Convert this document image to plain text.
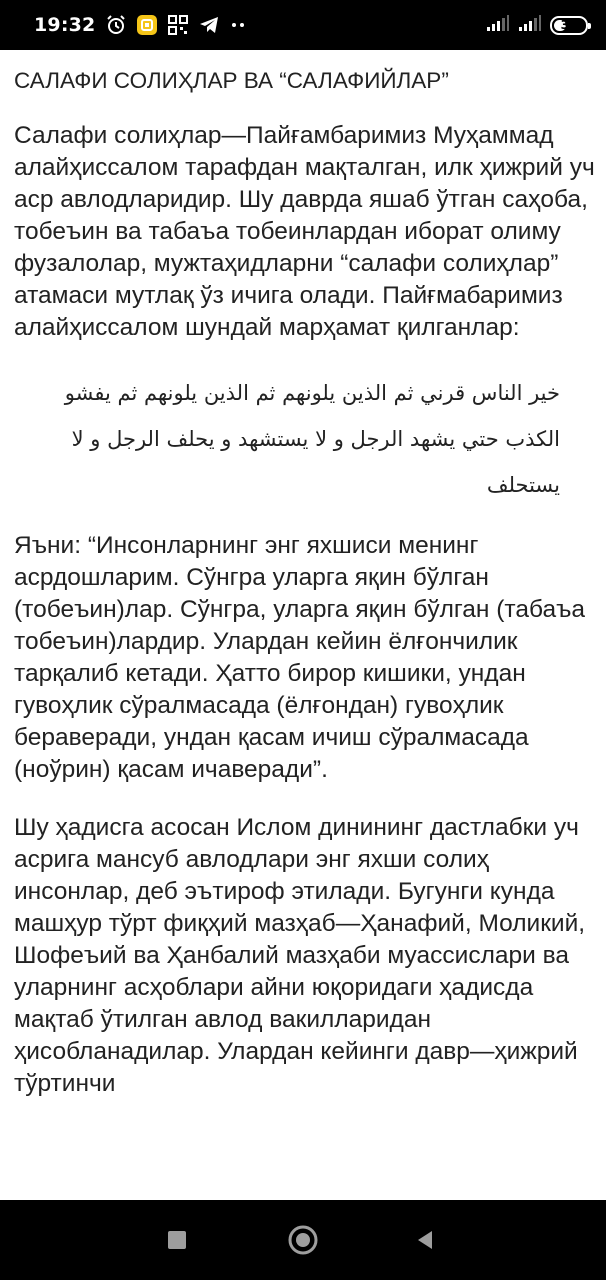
19:32	38
САЛАФИ СОЛИҲЛАР ВА “САЛАФИЙЛАР”

Салафи солиҳлар—Пайғамбаримиз Муҳаммад алайҳиссалом тарафдан мақталган, илк ҳижрий уч аср авлодларидир. Шу даврда яшаб ўтган саҳоба, тобеъин ва табаъа тобеинлардан иборат олиму фузалолар, мужтаҳидларни “салафи солиҳлар” атамаси мутлақ ўз ичига олади. Пайғмабаримиз алайҳиссалом шундай марҳамат қилганлар:

خير الناس قرني ثم الذين يلونهم ثم الذين يلونهم ثم يفشو الكذب حتي يشهد الرجل و لا يستشهد و يحلف الرجل و لا يستحلف

Яъни: “Инсонларнинг энг яхшиси менинг асрдошларим. Сўнгра уларга яқин бўлган (тобеъин)лар. Сўнгра, уларга яқин бўлган (табаъа тобеъин)лардир. Улардан кейин ёлғончилик тарқалиб кетади. Ҳатто бирор кишики, ундан гувоҳлик сўралмасада (ёлғондан) гувоҳлик бераверади, ундан қасам ичиш сўралмасада (ноўрин) қасам ичаверади”.

Шу ҳадисга асосан Ислом динининг дастлабки уч асрига мансуб авлодлари энг яхши солиҳ инсонлар, деб эътироф этилади. Бугунги кунда машҳур тўрт фиқҳий мазҳаб—Ҳанафий, Моликий, Шофеъий ва Ҳанбалий мазҳаби муассислари ва уларнинг асҳоблари айни юқоридаги ҳадисда мақтаб ўтилган авлод вакилларидан ҳисобланадилар. Улардан кейинги давр—ҳижрий тўртинчи
